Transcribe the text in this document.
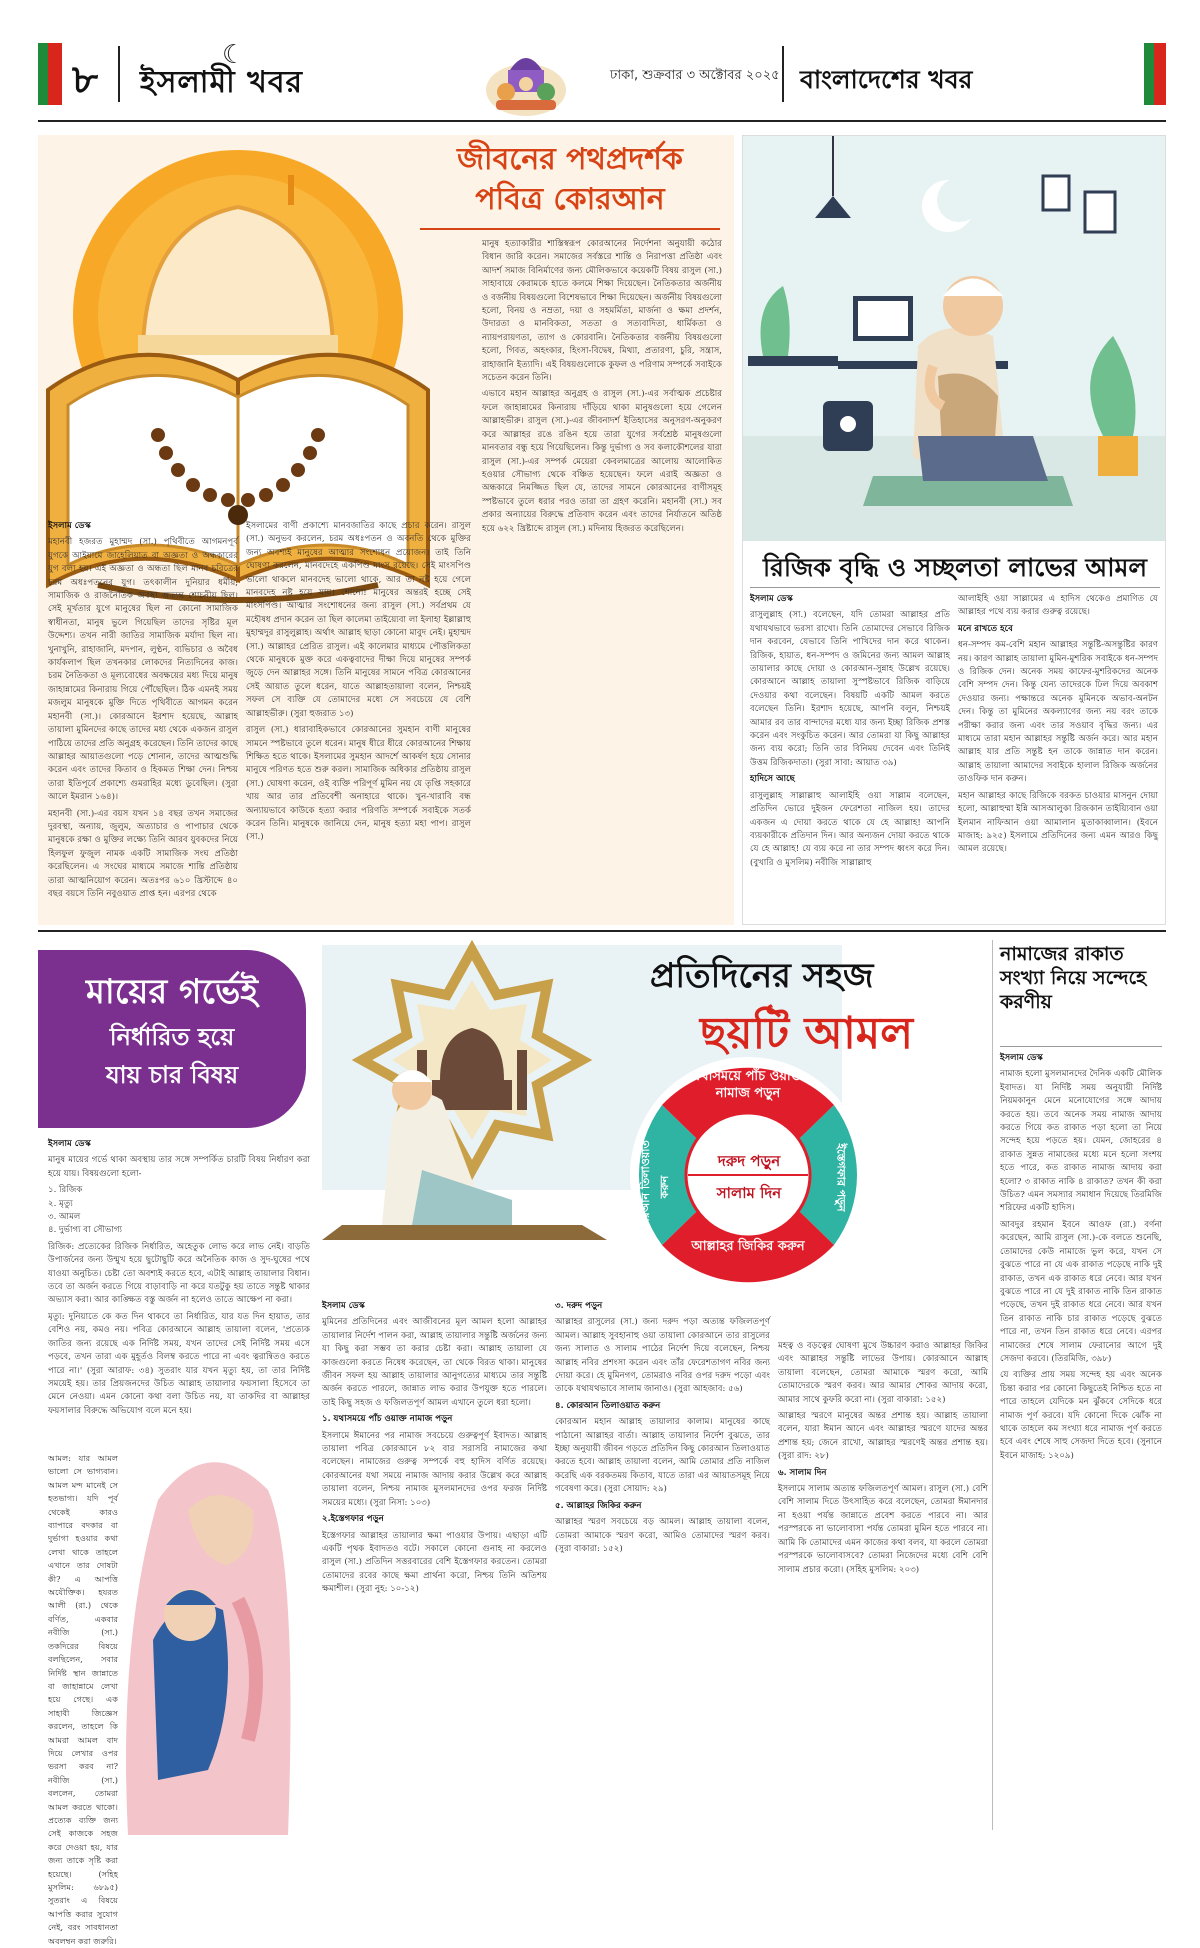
৮ ইসলামী খবর
☾
ঢাকা, শুক্রবার ৩ অক্টোবর ২০২৫ বাংলাদেশের খবর
জীবনের পথপ্রদর্শক
পবিত্র কোরআন

ইসলাম ডেস্ক

মহানবী হজরত মুহাম্মদ (সা.) পৃথিবীতে আগমনপূর্ব যুগকে আইয়ামে জাহেলিয়াত বা অজ্ঞতা ও অন্ধকারের যুগ বলা হয়। এই অজ্ঞতা ও অন্ধতা ছিল মানব চরিত্রের চরম অধঃপতনের যুগ। তৎকালীন দুনিয়ার ধর্মীয়, সামাজিক ও রাজনৈতিক অবস্থা অত্যন্ত শোচনীয় ছিল। সেই মূর্খতার যুগে মানুষের ছিল না কোনো সামাজিক স্বাধীনতা, মানুষ ভুলে গিয়েছিল তাদের সৃষ্টির মূল উদ্দেশ্য। তখন নারী জাতির সামাজিক মর্যাদা ছিল না। খুনাখুনি, রাহাজানি, মদপান, লুণ্ঠন, ব্যভিচার ও অবৈধ কার্যকলাপ ছিল তখনকার লোকদের নিত্যদিনের কাজ। চরম নৈতিকতা ও মূল্যবোধের অবক্ষয়ের মধ্য দিয়ে মানুষ জাহান্নামের কিনারায় গিয়ে পৌঁছেছিল। ঠিক এমনই সময় মজলুম মানুষকে মুক্তি দিতে পৃথিবীতে আগমন করেন মহানবী (সা.)। কোরআনে ইরশাদ হয়েছে, আল্লাহ তায়ালা মুমিনদের কাছে তাদের মধ্য থেকে একজন রাসুল পাঠিয়ে তাদের প্রতি অনুগ্রহ করেছেন। তিনি তাদের কাছে আল্লাহর আয়াতগুলো পড়ে শোনান, তাদের আত্মশুদ্ধি করেন এবং তাদের কিতাব ও হিকমত শিক্ষা দেন। নিশ্চয় তারা ইতিপূর্বে প্রকাশ্যে গুমরাহির মধ্যে ডুবেছিল। (সুরা আলে ইমরান ১৬৪)।

মহানবী (সা.)-এর বয়স যখন ১৪ বছর তখন সমাজের দুরবস্থা, অন্যায়, জুলুম, অত্যাচার ও পাপাচার থেকে মানুষকে রক্ষা ও মুক্তির লক্ষ্যে তিনি আরব যুবকদের নিয়ে হিলফুল ফুজুল নামক একটি সামাজিক সংঘ প্রতিষ্ঠা করেছিলেন। এ সংঘের মাধ্যমে সমাজে শান্তি প্রতিষ্ঠায় তারা আত্মনিয়োগ করেন। অতঃপর ৬১০ খ্রিস্টাব্দে ৪০ বছর বয়সে তিনি নবুওয়াত প্রাপ্ত হন। এরপর থেকে

ইসলামের বাণী প্রকাশ্যে মানবজাতির কাছে প্রচার করেন। রাসুল (সা.) অনুভব করলেন, চরম অধঃপতন ও অবনতি থেকে মুক্তির জন্য অবশ্যই মানুষের আত্মার সংশোধন প্রয়োজন। তাই তিনি ঘোষণা করলেন, মানবদেহে একপিণ্ড মাংস রয়েছে। সেই মাংসপিণ্ড ভালো থাকলে মানবদেহ ভালো থাকে, আর তা নষ্ট হয়ে গেলে মানবদেহ নষ্ট হয়ে যায়। শোনো! মানুষের অন্তরই হচ্ছে সেই মাংসপিণ্ড। আত্মার সংশোধনের জন্য রাসুল (সা.) সর্বপ্রথম যে মহৌষধ প্রদান করেন তা ছিল কালেমা তাইয়্যেবা লা ইলাহা ইল্লাল্লাহু মুহাম্মদুর রাসুলুল্লাহ। অর্থাৎ আল্লাহ ছাড়া কোনো মাবুদ নেই। মুহাম্মদ (সা.) আল্লাহর প্রেরিত রাসুল। এই কালেমার মাধ্যমে পৌত্তলিকতা থেকে মানুষকে মুক্ত করে একত্ববাদের দীক্ষা দিয়ে মানুষের সম্পর্ক জুড়ে দেন আল্লাহর সঙ্গে। তিনি মানুষের সামনে পবিত্র কোরআনের সেই আয়াত তুলে ধরেন, যাতে আল্লাহতায়ালা বলেন, নিশ্চয়ই সফল সে ব্যক্তি যে তোমাদের মধ্যে সে সবচেয়ে যে বেশি আল্লাহভীরু। (সুরা হুজরাত ১৩)

রাসুল (সা.) ধারাবাহিকভাবে কোরআনের সুমহান বাণী মানুষের সামনে স্পষ্টভাবে তুলে ধরেন। মানুষ ধীরে ধীরে কোরআনের শিক্ষায় শিক্ষিত হতে থাকে। ইসলামের সুমহান আদর্শে আকর্ষণ হয়ে সোনার মানুষে পরিণত হতে শুরু করল। সামাজিক অধিকার প্রতিষ্ঠায় রাসুল (সা.) ঘোষণা করেন, ওই ব্যক্তি পরিপূর্ণ মুমিন নয় যে তৃপ্তি সহকারে খায় আর তার প্রতিবেশী অনাহারে থাকে। খুন-খারাবি বন্ধ অন্যায়ভাবে কাউকে হত্যা করার পরিণতি সম্পর্কে সবাইকে সতর্ক করেন তিনি। মানুষকে জানিয়ে দেন, মানুষ হত্যা মহা পাপ। রাসুল (সা.)

মানুষ হত্যাকারীর শাস্তিস্বরূপ কোরআনের নির্দেশনা অনুযায়ী কঠোর বিধান জারি করেন। সমাজের সর্বস্তরে শান্তি ও নিরাপত্তা প্রতিষ্ঠা এবং আদর্শ সমাজ বিনির্মাণের জন্য মৌলিকভাবে কয়েকটি বিষয় রাসুল (সা.) সাহাবায়ে কেরামকে হাতে কলমে শিক্ষা দিয়েছেন। নৈতিকতার অর্জনীয় ও বর্জনীয় বিষয়গুলো বিশেষভাবে শিক্ষা দিয়েছেন। অর্জনীয় বিষয়গুলো হলো, বিনয় ও নম্রতা, দয়া ও সহমর্মিতা, মার্জনা ও ক্ষমা প্রদর্শন, উদারতা ও মানবিকতা, সততা ও সত্যবাদিতা, ধার্মিকতা ও ন্যায়পরায়ণতা, ত্যাগ ও কোরবানি। নৈতিকতার বর্জনীয় বিষয়গুলো হলো, গিবত, অহংকার, হিংসা-বিদ্বেষ, মিথ্যা, প্রতারণা, চুরি, সন্ত্রাস, রাহাজানি ইত্যাদি। এই বিষয়গুলোকে কুফল ও পরিণাম সম্পর্কে সবাইকে সচেতন করেন তিনি।

এভাবে মহান আল্লাহর অনুগ্রহ ও রাসুল (সা.)-এর সর্বাত্মক প্রচেষ্টার ফলে জাহান্নামের কিনারায় দাঁড়িয়ে থাকা মানুষগুলো হয়ে গেলেন আল্লাহভীরু। রাসুল (সা.)-এর জীবনাদর্শ ইতিহাসের অনুসরণ-অনুকরণ করে আল্লাহর রঙে রঙিন হয়ে তারা যুগের সর্বশ্রেষ্ঠ মানুষগুলো মানবতার বন্ধু হয়ে গিয়েছিলেন। কিন্তু দুর্ভাগ্য ও সব কলাকৌশলের যারা রাসুল (সা.)-এর সম্পর্ক মেয়েরা কেবলমাত্রের আলোয় আলোকিত হওয়ার সৌভাগ্য থেকে বঞ্চিত হয়েছেন। ফলে এরাই অজ্ঞতা ও অন্ধকারে নিমজ্জিত ছিল যে, তাদের সামনে কোরআনের বাণীসমূহ স্পষ্টভাবে তুলে ধরার পরও তারা তা গ্রহণ করেনি। মহানবী (সা.) সব প্রকার অন্যায়ের বিরুদ্ধে প্রতিবাদ করেন এবং তাদের নির্যাতনে অতিষ্ঠ হয়ে ৬২২ খ্রিষ্টাব্দে রাসুল (সা.) মদিনায় হিজরত করেছিলেন।

রিজিক বৃদ্ধি ও সচ্ছলতা লাভের আমল

ইসলাম ডেস্ক

রাসুলুল্লাহ (সা.) বলেছেন, যদি তোমরা আল্লাহর প্রতি যথাযথভাবে ভরসা রাখো। তিনি তোমাদের সেভাবে রিজিক দান করবেন, যেভাবে তিনি পাখিদের দান করে থাকেন। রিজিক, হায়াত, ধন-সম্পদ ও জমিনের জন্য আমল আল্লাহ তায়ালার কাছে দোয়া ও কোরআন-সুন্নাহ উল্লেখ রয়েছে। কোরআনে আল্লাহ তায়ালা সুস্পষ্টভাবে রিজিক বাড়িয়ে দেওয়ার কথা বলেছেন। বিষয়টি একটি আমল করতে বলেছেন তিনি। ইরশাদ হয়েছে, আপনি বলুন, নিশ্চয়ই আমার রব তার বান্দাদের মধ্যে যার জন্য ইচ্ছা রিজিক প্রশস্ত করেন এবং সংকুচিত করেন। আর তোমরা যা কিছু আল্লাহর জন্য ব্যয় করো; তিনি তার বিনিময় দেবেন এবং তিনিই উত্তম রিজিকদাতা। (সুরা সাবা: আয়াত ৩৯)

হাদিসে আছে

রাসুলুল্লাহ সাল্লাল্লাহু আলাইহি ওয়া সাল্লাম বলেছেন, প্রতিদিন ভোরে দুইজন ফেরেশতা নাজিল হয়। তাদের একজন এ দোয়া করতে থাকে যে হে আল্লাহ! আপনি ব্যয়কারীকে প্রতিদান দিন। আর অন্যজন দোয়া করতে থাকে যে হে আল্লাহ! যে ব্যয় করে না তার সম্পদ ধ্বংস করে দিন। (বুখারি ও মুসলিম) নবীজি সাল্লাল্লাহু

আলাইহি ওয়া সাল্লামের এ হাদিস থেকেও প্রমাণিত যে আল্লাহর পথে ব্যয় করার গুরুত্ব রয়েছে।

মনে রাখতে হবে

ধন-সম্পদ কম-বেশি মহান আল্লাহর সন্তুষ্টি-অসন্তুষ্টির কারণ নয়। কারণ আল্লাহ তায়ালা মুমিন-মুশরিক সবাইকে ধন-সম্পদ ও রিজিক দেন। অনেক সময় কাফের-মুশরিকদের অনেক বেশি সম্পদ দেন। কিন্তু যেন্য তাদেরকে ঢিল দিয়ে অবকাশ দেওয়ার জন্য। পক্ষান্তরে অনেক মুমিনকে অভাব-অনটন দেন। কিন্তু তা মুমিনের অকল্যাণের জন্য নয় বরং তাকে পরীক্ষা করার জন্য এবং তার সওয়াব বৃদ্ধির জন্য। এর মাধ্যমে তারা মহান আল্লাহর সন্তুষ্টি অর্জন করে। আর মহান আল্লাহ যার প্রতি সন্তুষ্ট হন তাকে জান্নাত দান করেন। আল্লাহ তায়ালা আমাদের সবাইকে হালাল রিজিক অর্জনের তাওফিক দান করুন।

মহান আল্লাহর কাছে রিজিকে বরকত চাওয়ার মাসনুন দোয়া হলো, আল্লাহুম্মা ইন্নি আসআলুকা রিজকান তাইয়্যিবান ওয়া ইলমান নাফিআন ওয়া আমালান মুতাকাব্বালান। (ইবনে মাজাহ: ৯২৫) ইসলামে প্রতিদিনের জন্য এমন আরও কিছু আমল রয়েছে।

মায়ের গর্ভেই
নির্ধারিত হয়ে
যায় চার বিষয়

ইসলাম ডেস্ক

মানুষ মায়ের গর্ভে থাকা অবস্থায় তার সঙ্গে সম্পর্কিত চারটি বিষয় নির্ধারণ করা হয়ে যায়। বিষয়গুলো হলো-

১. রিজিক

২. মৃত্যু

৩. আমল

৪. দুর্ভাগ্য বা সৌভাগ্য

রিজিক: প্রত্যেকের রিজিক নির্ধারিত, অহেতুক লোভ করে লাভ নেই। বাড়তি উপার্জনের জন্য উন্মুখ হয়ে ছুটোছুটি করে অনৈতিক কাজ ও সুদ-ঘুষের পথে যাওয়া অনুচিত। চেষ্টা তো অবশ্যই করতে হবে, এটাই আল্লাহ তায়ালার বিধান। তবে তা অর্জন করতে গিয়ে বাড়াবাড়ি না করে যতটুকু হয় তাতে সন্তুষ্ট থাকার অভ্যাস করা। আর কাঙ্ক্ষিত বস্তু অর্জন না হলেও তাতে আক্ষেপ না করা।

মৃত্যু: দুনিয়াতে কে কত দিন থাকবে তা নির্ধারিত, যার যত দিন হায়াত, তার বেশিও নয়, কমও নয়। পবিত্র কোরআনে আল্লাহ তায়ালা বলেন, 'প্রত্যেক জাতির জন্য রয়েছে এক নির্দিষ্ট সময়, যখন তাদের সেই নির্দিষ্ট সময় এসে পড়বে, তখন তারা এক মুহূর্তও বিলম্ব করতে পারে না এবং ত্বরান্বিতও করতে পারে না।' (সুরা আরাফ: ৩৪) সুতরাং যার যখন মৃত্যু হয়, তা তার নির্দিষ্ট সময়েই হয়। তার প্রিয়জনদের উচিত আল্লাহ তায়ালার ফয়সালা হিসেবে তা মেনে নেওয়া। এমন কোনো কথা বলা উচিত নয়, যা তাকদির বা আল্লাহর ফয়সালার বিরুদ্ধে অভিযোগ বলে মনে হয়।

আমল: যার আমল ভালো সে ভাগ্যবান। আমল মন্দ মানেই সে হতভাগ্য। যদি পূর্ব থেকেই কারও ব্যাপারে বদকার বা দুর্ভাগা হওয়ার কথা লেখা থাকে তাহলে এখানে তার দোষটা কী? এ আপত্তি অযৌক্তিক। হযরত আলী (রা.) থেকে বর্ণিত, একবার নবীজি (সা.) তকদিরের বিষয়ে বলছিলেন, সবার নির্দিষ্ট স্থান জান্নাতে বা জাহান্নামে লেখা হয়ে গেছে। এক সাহাবী জিজ্ঞেস করলেন, তাহলে কি আমরা আমল বাদ দিয়ে লেখার ওপর ভরসা করব না? নবীজি (সা.) বললেন, তোমরা আমল করতে থাকো। প্রত্যেক ব্যক্তি জন্য সেই কাজকে সহজ করে দেওয়া হয়, যার জন্য তাকে সৃষ্টি করা হয়েছে। (সহিহ মুসলিম: ৬৮৯৫) সুতরাং এ বিষয়ে আপত্তি করার সুযোগ নেই, বরং সাবধানতা অবলম্বন করা জরুরি।

প্রতিদিনের সহজ
ছয়টি আমল
যথাসময়ে পাঁচ ওয়াক্ত নামাজ পড়ুন
দরুদ পড়ুন
সালাম দিন
আল্লাহর জিকির করুন
ইস্তেগফার পড়ুন
কোরআন তিলাওয়াত করুন

ইসলাম ডেস্ক

মুমিনের প্রতিদিনের এবং আজীবনের মূল আমল হলো আল্লাহর তায়ালার নির্দেশ পালন করা, আল্লাহ তায়ালার সন্তুষ্টি অর্জনের জন্য যা কিছু করা সম্ভব তা করার চেষ্টা করা। আল্লাহ তায়ালা যে কাজগুলো করতে নিষেধ করেছেন, তা থেকে বিরত থাকা। মানুষের জীবন সফল হয় আল্লাহ তায়ালার আনুগত্যের মাধ্যমে তার সন্তুষ্টি অর্জন করতে পারলে, জান্নাত লাভ করার উপযুক্ত হতে পারলে। তাই কিছু সহজ ও ফজিলতপূর্ণ আমল এখানে তুলে ধরা হলো।

১. যথাসময়ে পাঁচ ওয়াক্ত নামাজ পড়ুন

ইসলামে ঈমানের পর নামাজ সবচেয়ে গুরুত্বপূর্ণ ইবাদত। আল্লাহ তায়ালা পবিত্র কোরআনে ৮২ বার সরাসরি নামাজের কথা বলেছেন। নামাজের গুরুত্ব সম্পর্কে বহু হাদিস বর্ণিত রয়েছে। কোরআনের যথা সময়ে নামাজ আদায় করার উল্লেখ করে আল্লাহ তায়ালা বলেন, নিশ্চয় নামাজ মুসলমানদের ওপর ফরজ নির্দিষ্ট সময়ের মধ্যে। (সুরা নিসা: ১০৩)

২.ইস্তেগফার পড়ুন

ইস্তেগফার আল্লাহর তায়ালার ক্ষমা পাওয়ার উপায়। এছাড়া এটি একটি পৃথক ইবাদতও বটে। সকালে কোনো গুনাহ না করলেও রাসুল (সা.) প্রতিদিন সত্তরবারের বেশি ইস্তেগফার করতেন। তোমরা তোমাদের রবের কাছে ক্ষমা প্রার্থনা করো, নিশ্চয় তিনি অতিশয় ক্ষমাশীল। (সুরা নুহ: ১০-১২)

৩. দরুদ পড়ুন

আল্লাহর রাসুলের (সা.) জন্য দরুদ পড়া অত্যন্ত ফজিলতপূর্ণ আমল। আল্লাহ সুবহানাহু ওয়া তায়ালা কোরআনে তার রাসুলের জন্য সালাত ও সালাম পাঠের নির্দেশ দিয়ে বলেছেন, নিশ্চয় আল্লাহ নবির প্রশংসা করেন এবং তাঁর ফেরেশতাগণ নবির জন্য দোয়া করে। হে মুমিনগণ, তোমরাও নবির ওপর দরুদ পড়ো এবং তাকে যথাযথভাবে সালাম জানাও। (সুরা আহজাব: ৫৬)

৪. কোরআন তিলাওয়াত করুন

কোরআন মহান আল্লাহ তায়ালার কালাম। মানুষের কাছে পাঠানো আল্লাহর বার্তা। আল্লাহ তায়ালার নির্দেশ বুঝতে, তার ইচ্ছা অনুযায়ী জীবন গড়তে প্রতিদিন কিছু কোরআন তিলাওয়াত করতে হবে। আল্লাহ তায়ালা বলেন, আমি তোমার প্রতি নাজিল করেছি এক বরকতময় কিতাব, যাতে তারা এর আয়াতসমূহ নিয়ে গবেষণা করে। (সুরা সোয়াদ: ২৯)

৫. আল্লাহর জিকির করুন

আল্লাহর স্মরণ সবচেয়ে বড় আমল। আল্লাহ তায়ালা বলেন, তোমরা আমাকে স্মরণ করো, আমিও তোমাদের স্মরণ করব। (সুরা বাকারা: ১৫২)

মহত্ব ও বড়ত্বের ঘোষণা মুখে উচ্চারণ করাও আল্লাহর জিকির এবং আল্লাহর সন্তুষ্টি লাভের উপায়। কোরআনে আল্লাহ তায়ালা বলেছেন, তোমরা আমাকে স্মরণ করো, আমি তোমাদেরকে স্মরণ করব। আর আমার শোকর আদায় করো, আমার সাথে কুফরি করো না। (সুরা বাকারা: ১৫২)

আল্লাহর স্মরণে মানুষের অন্তর প্রশান্ত হয়। আল্লাহ তায়ালা বলেন, যারা ঈমান আনে এবং আল্লাহর স্মরণে যাদের অন্তর প্রশান্ত হয়; জেনে রাখো, আল্লাহর স্মরণেই অন্তর প্রশান্ত হয়। (সুরা রাদ: ২৮)

৬. সালাম দিন

ইসলামে সালাম অত্যন্ত ফজিলতপূর্ণ আমল। রাসুল (সা.) বেশি বেশি সালাম দিতে উৎসাহিত করে বলেছেন, তোমরা ঈমানদার না হওয়া পর্যন্ত জান্নাতে প্রবেশ করতে পারবে না। আর পরস্পরকে না ভালোবাসা পর্যন্ত তোমরা মুমিন হতে পারবে না। আমি কি তোমাদের এমন কাজের কথা বলব, যা করলে তোমরা পরস্পরকে ভালোবাসবে? তোমরা নিজেদের মধ্যে বেশি বেশি সালাম প্রচার করো। (সহিহ মুসলিম: ২০৩)

নামাজের রাকাত সংখ্যা নিয়ে সন্দেহে করণীয়

ইসলাম ডেস্ক

নামাজ হলো মুসলমানদের দৈনিক একটি মৌলিক ইবাদত। যা নির্দিষ্ট সময় অনুযায়ী নির্দিষ্ট নিয়মকানুন মেনে মনোযোগের সঙ্গে আদায় করতে হয়। তবে অনেক সময় নামাজ আদায় করতে গিয়ে কত রাকাত পড়া হলো তা নিয়ে সন্দেহ হয়ে পড়তে হয়। যেমন, জোহরের ৪ রাকাত সুন্নত নামাজের মধ্যে মনে হলো সংশয় হতে পারে, কত রাকাত নামাজ আদায় করা হলো? ৩ রাকাত নাকি ৪ রাকাত? তখন কী করা উচিত? এমন সমস্যার সমাধান দিয়েছে তিরমিজি শরিফের একটি হাদিস।

আবদুর রহমান ইবনে আওফ (রা.) বর্ণনা করেছেন, আমি রাসুল (সা.)-কে বলতে শুনেছি, তোমাদের কেউ নামাজে ভুল করে, যখন সে বুঝতে পারে না যে এক রাকাত পড়েছে নাকি দুই রাকাত, তখন এক রাকাত ধরে নেবে। আর যখন বুঝতে পারে না যে দুই রাকাত নাকি তিন রাকাত পড়েছে, তখন দুই রাকাত ধরে নেবে। আর যখন তিন রাকাত নাকি চার রাকাত পড়েছে বুঝতে পারে না, তখন তিন রাকাত ধরে নেবে। এরপর নামাজের শেষে সালাম ফেরানোর আগে দুই সেজদা করবে। (তিরমিজি, ৩৯৮)

যে ব্যক্তির প্রায় সময় সন্দেহ হয় এবং অনেক চিন্তা করার পর কোনো কিছুতেই নিশ্চিত হতে না পারে তাহলে যেদিকে মন ঝুঁকবে সেদিকে ধরে নামাজ পূর্ণ করবে। যদি কোনো দিকে ঝোঁক না থাকে তাহলে কম সংখ্যা ধরে নামাজ পূর্ণ করতে হবে এবং শেষে সাহু সেজদা দিতে হবে। (সুনানে ইবনে মাজাহ: ১২০৯)
